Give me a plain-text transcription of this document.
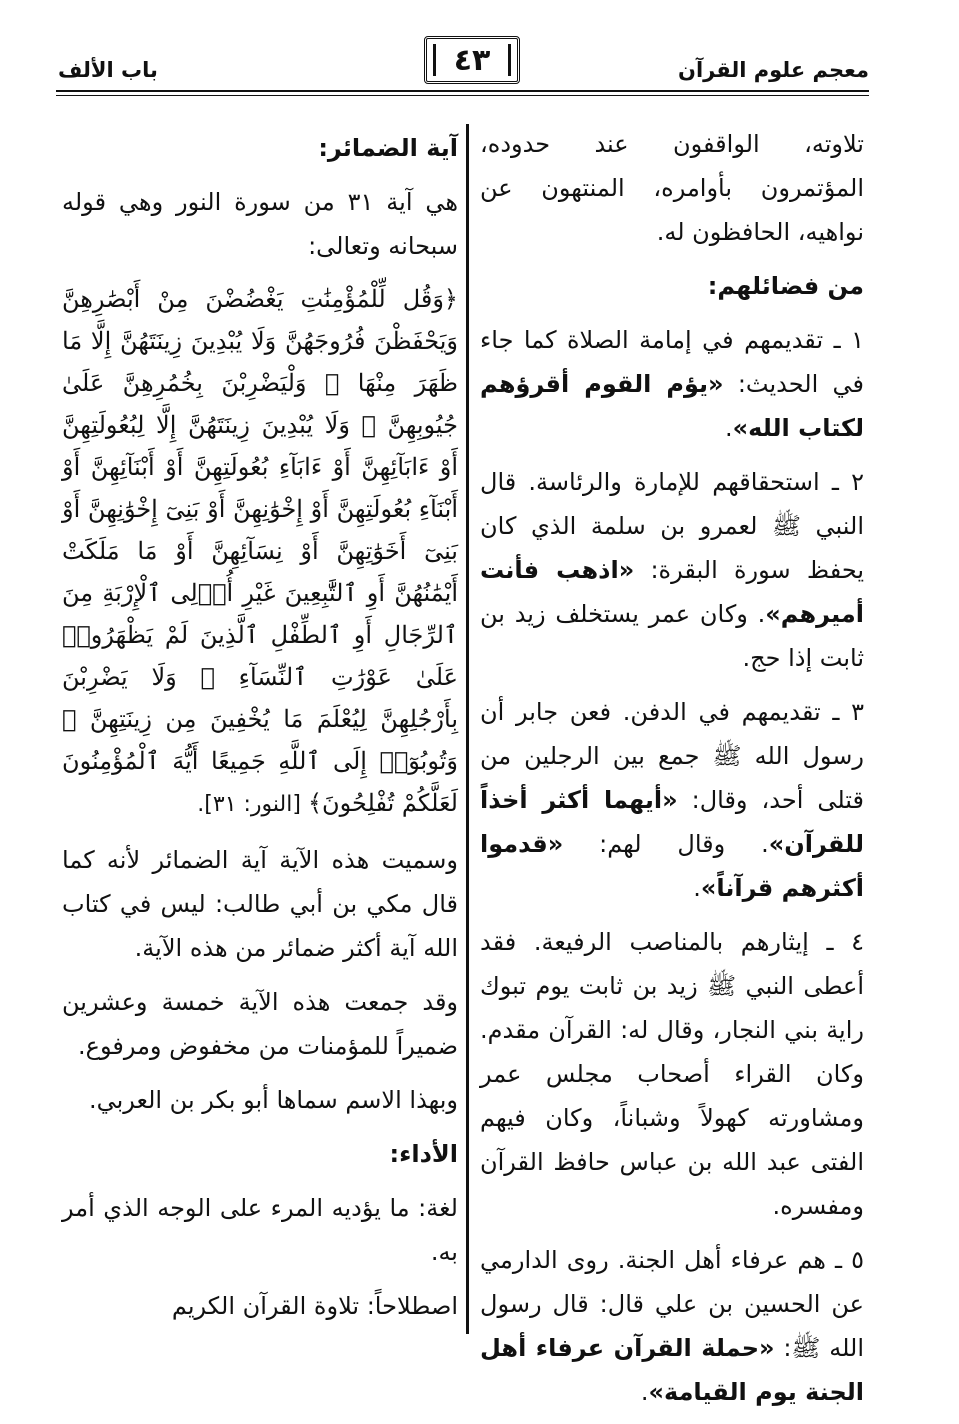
معجم علوم القرآن
٤٣
باب الألف

تلاوته، الواقفون عند حدوده، المؤتمرون بأوامره، المنتهون عن نواهيه، الحافظون له.

من فضائلهم:

١ ـ تقديمهم في إمامة الصلاة كما جاء في الحديث: «يؤم القوم أقرؤهم لكتاب الله».

٢ ـ استحقاقهم للإمارة والرئاسة. قال النبي ﷺ لعمرو بن سلمة الذي كان يحفظ سورة البقرة: «اذهب فأنت أميرهم». وكان عمر يستخلف زيد بن ثابت إذا حج.

٣ ـ تقديمهم في الدفن. فعن جابر أن رسول الله ﷺ جمع بين الرجلين من قتلى أحد، وقال: «أيهما أكثر أخذاً للقرآن». وقال لهم: «قدموا أكثرهم قرآناً».

٤ ـ إيثارهم بالمناصب الرفيعة. فقد أعطى النبي ﷺ زيد بن ثابت يوم تبوك راية بني النجار، وقال له: القرآن مقدم. وكان القراء أصحاب مجلس عمر ومشاورته كهولاً وشباناً، وكان فيهم الفتى عبد الله بن عباس حافظ القرآن ومفسره.

٥ ـ هم عرفاء أهل الجنة. روى الدارمي عن الحسين بن علي قال: قال رسول الله ﷺ: «حملة القرآن عرفاء أهل الجنة يوم القيامة».

آية الضمائر:

هي آية ٣١ من سورة النور وهي قوله سبحانه وتعالى:

﴿وَقُل لِّلْمُؤْمِنَٰتِ يَغْضُضْنَ مِنْ أَبْصَٰرِهِنَّ وَيَحْفَظْنَ فُرُوجَهُنَّ وَلَا يُبْدِينَ زِينَتَهُنَّ إِلَّا مَا ظَهَرَ مِنْهَا ۖ وَلْيَضْرِبْنَ بِخُمُرِهِنَّ عَلَىٰ جُيُوبِهِنَّ ۖ وَلَا يُبْدِينَ زِينَتَهُنَّ إِلَّا لِبُعُولَتِهِنَّ أَوْ ءَابَآئِهِنَّ أَوْ ءَابَآءِ بُعُولَتِهِنَّ أَوْ أَبْنَآئِهِنَّ أَوْ أَبْنَآءِ بُعُولَتِهِنَّ أَوْ إِخْوَٰنِهِنَّ أَوْ بَنِىٓ إِخْوَٰنِهِنَّ أَوْ بَنِىٓ أَخَوَٰتِهِنَّ أَوْ نِسَآئِهِنَّ أَوْ مَا مَلَكَتْ أَيْمَٰنُهُنَّ أَوِ ٱلتَّٰبِعِينَ غَيْرِ أُو۟لِى ٱلْإِرْبَةِ مِنَ ٱلرِّجَالِ أَوِ ٱلطِّفْلِ ٱلَّذِينَ لَمْ يَظْهَرُوا۟ عَلَىٰ عَوْرَٰتِ ٱلنِّسَآءِ ۖ وَلَا يَضْرِبْنَ بِأَرْجُلِهِنَّ لِيُعْلَمَ مَا يُخْفِينَ مِن زِينَتِهِنَّ ۚ وَتُوبُوٓا۟ إِلَى ٱللَّهِ جَمِيعًا أَيُّهَ ٱلْمُؤْمِنُونَ لَعَلَّكُمْ تُفْلِحُونَ﴾ [النور: ٣١].

وسميت هذه الآية آية الضمائر لأنه كما قال مكي بن أبي طالب: ليس في كتاب الله آية أكثر ضمائر من هذه الآية.

وقد جمعت هذه الآية خمسة وعشرين ضميراً للمؤمنات من مخفوض ومرفوع.

وبهذا الاسم سماها أبو بكر بن العربي.

الأداء:

لغة: ما يؤديه المرء على الوجه الذي أمر به.

اصطلاحاً: تلاوة القرآن الكريم
